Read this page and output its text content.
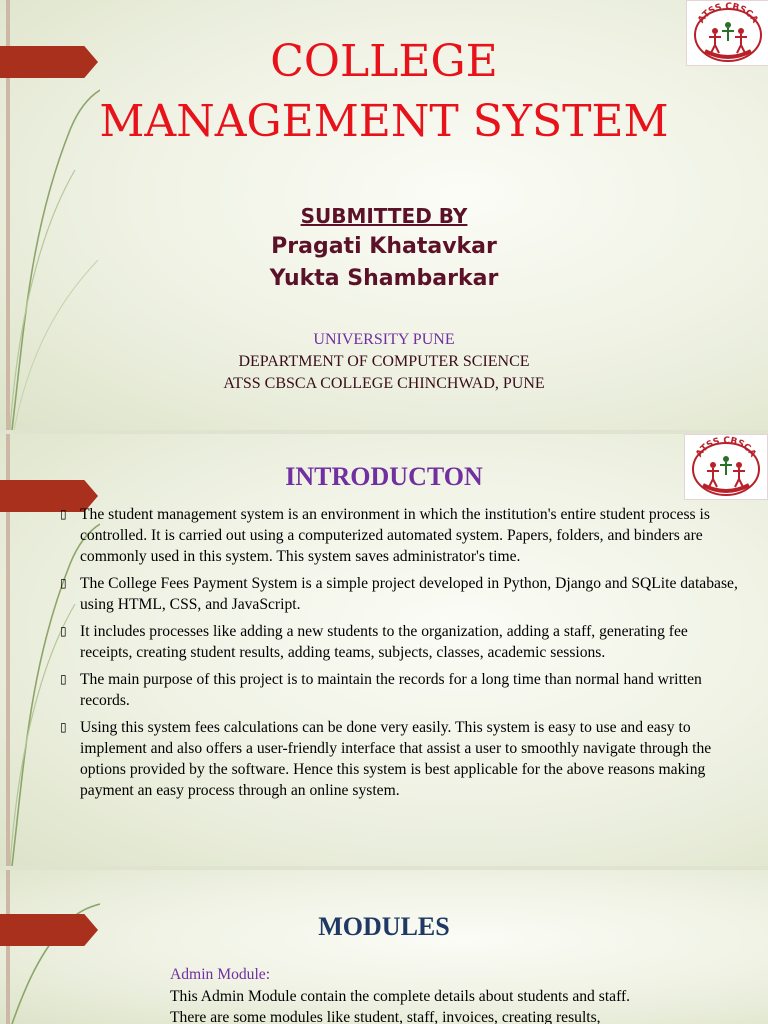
ATSS CBSCA
COLLEGE
MANAGEMENT SYSTEM
SUBMITTED BY
Pragati Khatavkar
Yukta Shambarkar
UNIVERSITY PUNE
DEPARTMENT OF COMPUTER SCIENCE
ATSS CBSCA COLLEGE CHINCHWAD, PUNE
ATSS CBSCA
INTRODUCTON
▯ The student management system is an environment in which the institution's entire student process is controlled. It is carried out using a computerized automated system. Papers, folders, and binders are commonly used in this system. This system saves administrator's time.
▯ The College Fees Payment System is a simple project developed in Python, Django and SQLite database, using HTML, CSS, and JavaScript.
▯ It includes processes like adding a new students to the organization, adding a staff, generating fee receipts, creating student results, adding teams, subjects, classes, academic sessions.
▯ The main purpose of this project is to maintain the records for a long time than normal hand written records.
▯ Using this system fees calculations can be done very easily. This system is easy to use and easy to implement and also offers a user-friendly interface that assist a user to smoothly navigate through the options provided by the software. Hence this system is best applicable for the above reasons making payment an easy process through an online system.
MODULES
Admin Module:
This Admin Module contain the complete details about students and staff.
There are some modules like student, staff, invoices, creating results,
